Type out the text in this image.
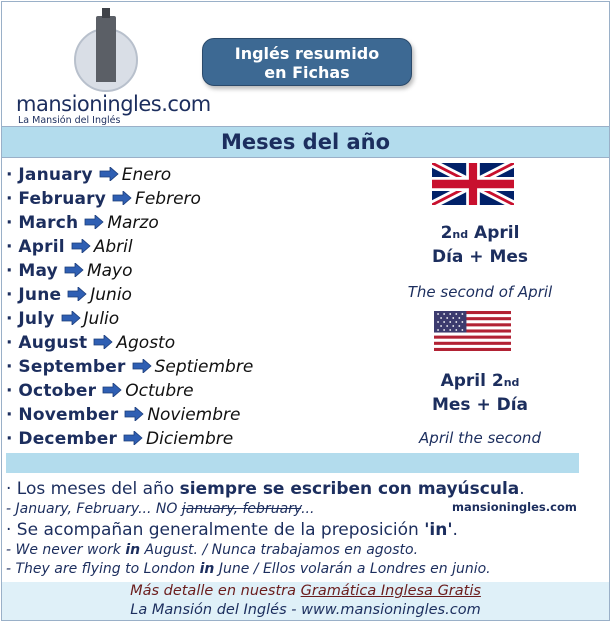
mansioningles.com
La Mansión del Inglés
Inglés resumido
en Fichas
Meses del año
· January Enero
· February Febrero
· March Marzo
· April Abril
· May Mayo
· June Junio
· July Julio
· August Agosto
· September Septiembre
· October Octubre
· November Noviembre
· December Diciembre
2nd April
Día + Mes
The second of April
April 2nd
Mes + Día
April the second
· Los meses del año siempre se escriben con mayúscula.
- January, February... NO january, february...
· Se acompañan generalmente de la preposición 'in'.
- We never work in August. / Nunca trabajamos en agosto.
- They are flying to London in June / Ellos volarán a Londres en junio.
mansioningles.com
Más detalle en nuestra Gramática Inglesa Gratis
La Mansión del Inglés - www.mansioningles.com
